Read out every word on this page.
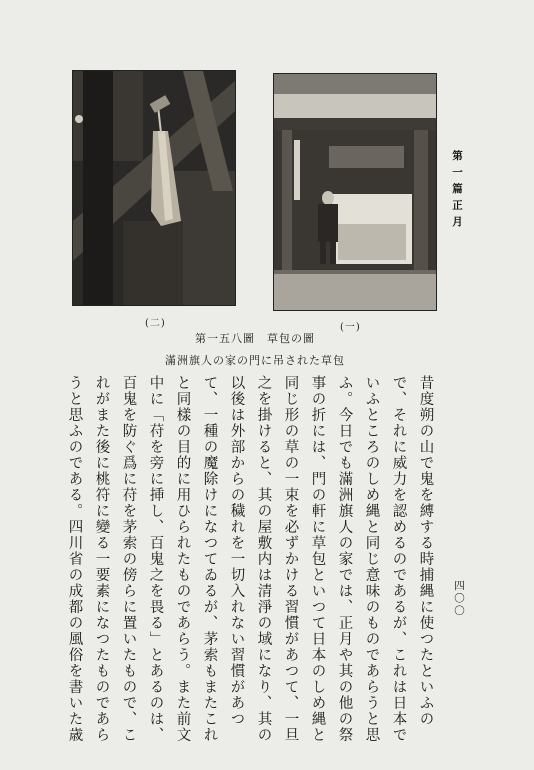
(二)	(一)
第一五八圖　草包の圖
滿洲旗人の家の門に吊された草包
第一篇正月
四〇〇
昔度朔の山で鬼を縛する時捕縄に使つたといふの
で、それに威力を認めるのであるが、これは日本で
いふところのしめ縄と同じ意味のものであらうと思
ふ。今日でも滿洲旗人の家では、正月や其の他の祭
事の折には、門の軒に草包といつて日本のしめ縄と
同じ形の草の一束を必ずかける習慣があつて、一旦
之を掛けると、其の屋敷内は清淨の域になり、其の
以後は外部からの穢れを一切入れない習慣があつ
て、一種の魔除けになつてゐるが、茅索もまたこれ
と同樣の目的に用ひられたものであらう。また前文
中に「苻を旁に挿し、百鬼之を畏る」とあるのは、
百鬼を防ぐ爲に苻を茅索の傍らに置いたもので、こ
れがまた後に桃符に變る一要素になつたものであら
うと思ふのである。四川省の成都の風俗を書いた歳
